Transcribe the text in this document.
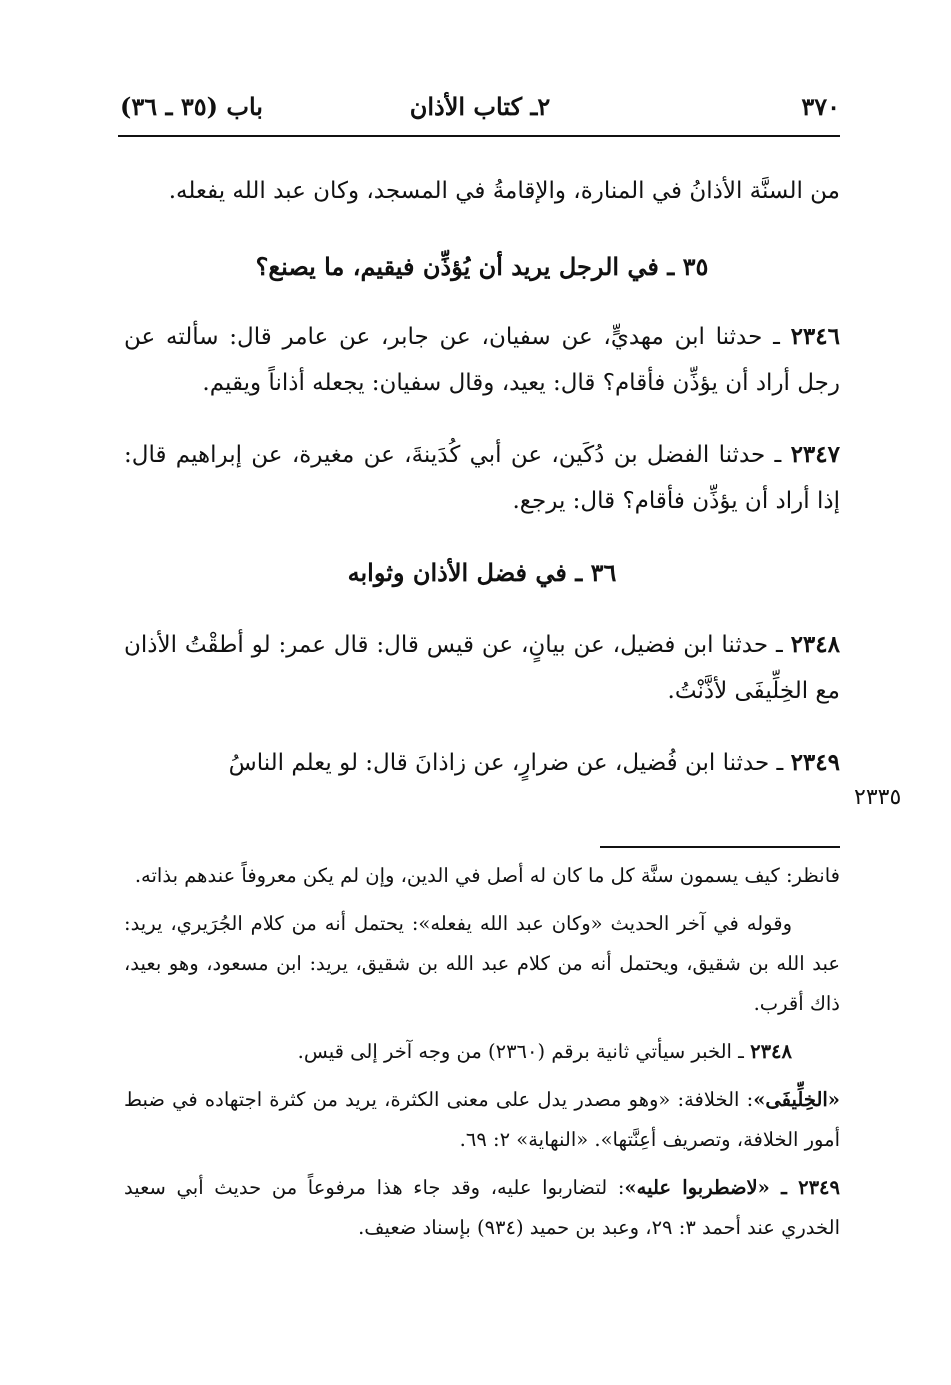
٣٧٠
٢ـ كتاب الأذان
باب (٣٥ ـ ٣٦)

من السنَّة الأذانُ في المنارة، والإقامةُ في المسجد، وكان عبد الله يفعله.

٣٥ ـ في الرجل يريد أن يُؤذِّن فيقيم، ما يصنع؟

٢٣٤٦ ـ حدثنا ابن مهديٍّ، عن سفيان، عن جابر، عن عامر قال: سألته عن رجل أراد أن يؤذِّن فأقام؟ قال: يعيد، وقال سفيان: يجعله أذاناً ويقيم.

٢٣٤٧ ـ حدثنا الفضل بن دُكَين، عن أبي كُدَينةَ، عن مغيرة، عن إبراهيم قال: إذا أراد أن يؤذِّن فأقام؟ قال: يرجع.

٣٦ ـ في فضل الأذان وثوابه

٢٣٤٨ ـ حدثنا ابن فضيل، عن بيانٍ، عن قيس قال: قال عمر: لو أطقْتُ الأذان مع الخِلِّيفَى لأذَّنْتُ.

٢٣٤٩ ـ حدثنا ابن فُضيل، عن ضرارٍ، عن زاذانَ قال: لو يعلم الناسُ

٢٣٣٥

فانظر: كيف يسمون سنَّة كل ما كان له أصل في الدين، وإن لم يكن معروفاً عندهم بذاته.

وقوله في آخر الحديث «وكان عبد الله يفعله»: يحتمل أنه من كلام الجُرَيري، يريد: عبد الله بن شقيق، ويحتمل أنه من كلام عبد الله بن شقيق، يريد: ابن مسعود، وهو بعيد، ذاك أقرب.

٢٣٤٨ ـ الخبر سيأتي ثانية برقم (٢٣٦٠) من وجه آخر إلى قيس.

«الخِلِّيفَى»: الخلافة: «وهو مصدر يدل على معنى الكثرة، يريد من كثرة اجتهاده في ضبط أمور الخلافة، وتصريف أعِنَّتها». «النهاية» ٢: ٦٩.

٢٣٤٩ ـ «لاضطربوا عليه»: لتضاربوا عليه، وقد جاء هذا مرفوعاً من حديث أبي سعيد الخدري عند أحمد ٣: ٢٩، وعبد بن حميد (٩٣٤) بإسناد ضعيف.
